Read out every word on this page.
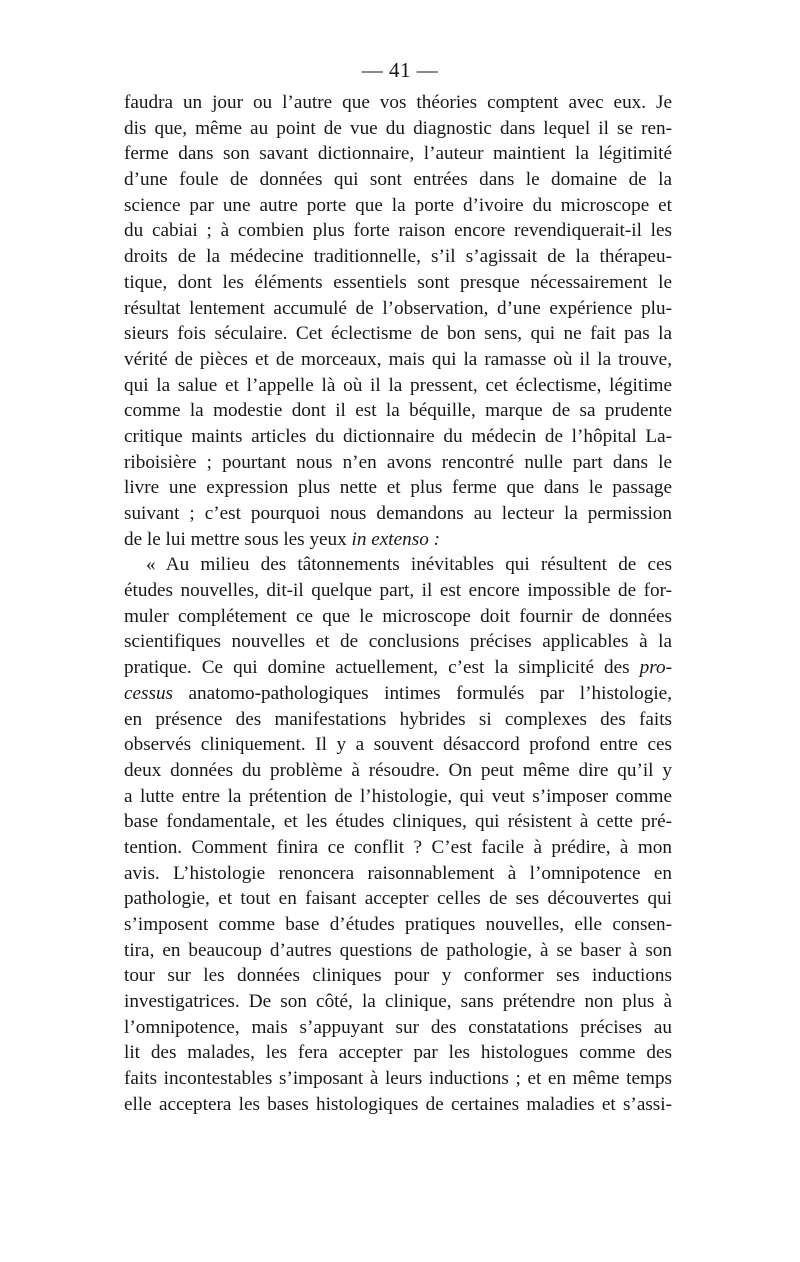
— 41 —
faudra un jour ou l’autre que vos théories comptent avec eux. Je
dis que, même au point de vue du diagnostic dans lequel il se ren-
ferme dans son savant dictionnaire, l’auteur maintient la légitimité
d’une foule de données qui sont entrées dans le domaine de la
science par une autre porte que la porte d’ivoire du microscope et
du cabiai ; à combien plus forte raison encore revendiquerait-il les
droits de la médecine traditionnelle, s’il s’agissait de la thérapeu-
tique, dont les éléments essentiels sont presque nécessairement le
résultat lentement accumulé de l’observation, d’une expérience plu-
sieurs fois séculaire. Cet éclectisme de bon sens, qui ne fait pas la
vérité de pièces et de morceaux, mais qui la ramasse où il la trouve,
qui la salue et l’appelle là où il la pressent, cet éclectisme, légitime
comme la modestie dont il est la béquille, marque de sa prudente
critique maints articles du dictionnaire du médecin de l’hôpital La-
riboisière ; pourtant nous n’en avons rencontré nulle part dans le
livre une expression plus nette et plus ferme que dans le passage
suivant ; c’est pourquoi nous demandons au lecteur la permission
de le lui mettre sous les yeux in extenso :
« Au milieu des tâtonnements inévitables qui résultent de ces
études nouvelles, dit-il quelque part, il est encore impossible de for-
muler complétement ce que le microscope doit fournir de données
scientifiques nouvelles et de conclusions précises applicables à la
pratique. Ce qui domine actuellement, c’est la simplicité des pro-
cessus anatomo-pathologiques intimes formulés par l’histologie,
en présence des manifestations hybrides si complexes des faits
observés cliniquement. Il y a souvent désaccord profond entre ces
deux données du problème à résoudre. On peut même dire qu’il y
a lutte entre la prétention de l’histologie, qui veut s’imposer comme
base fondamentale, et les études cliniques, qui résistent à cette pré-
tention. Comment finira ce conflit ? C’est facile à prédire, à mon
avis. L’histologie renoncera raisonnablement à l’omnipotence en
pathologie, et tout en faisant accepter celles de ses découvertes qui
s’imposent comme base d’études pratiques nouvelles, elle consen-
tira, en beaucoup d’autres questions de pathologie, à se baser à son
tour sur les données cliniques pour y conformer ses inductions
investigatrices. De son côté, la clinique, sans prétendre non plus à
l’omnipotence, mais s’appuyant sur des constatations précises au
lit des malades, les fera accepter par les histologues comme des
faits incontestables s’imposant à leurs inductions ; et en même temps
elle acceptera les bases histologiques de certaines maladies et s’assi-
